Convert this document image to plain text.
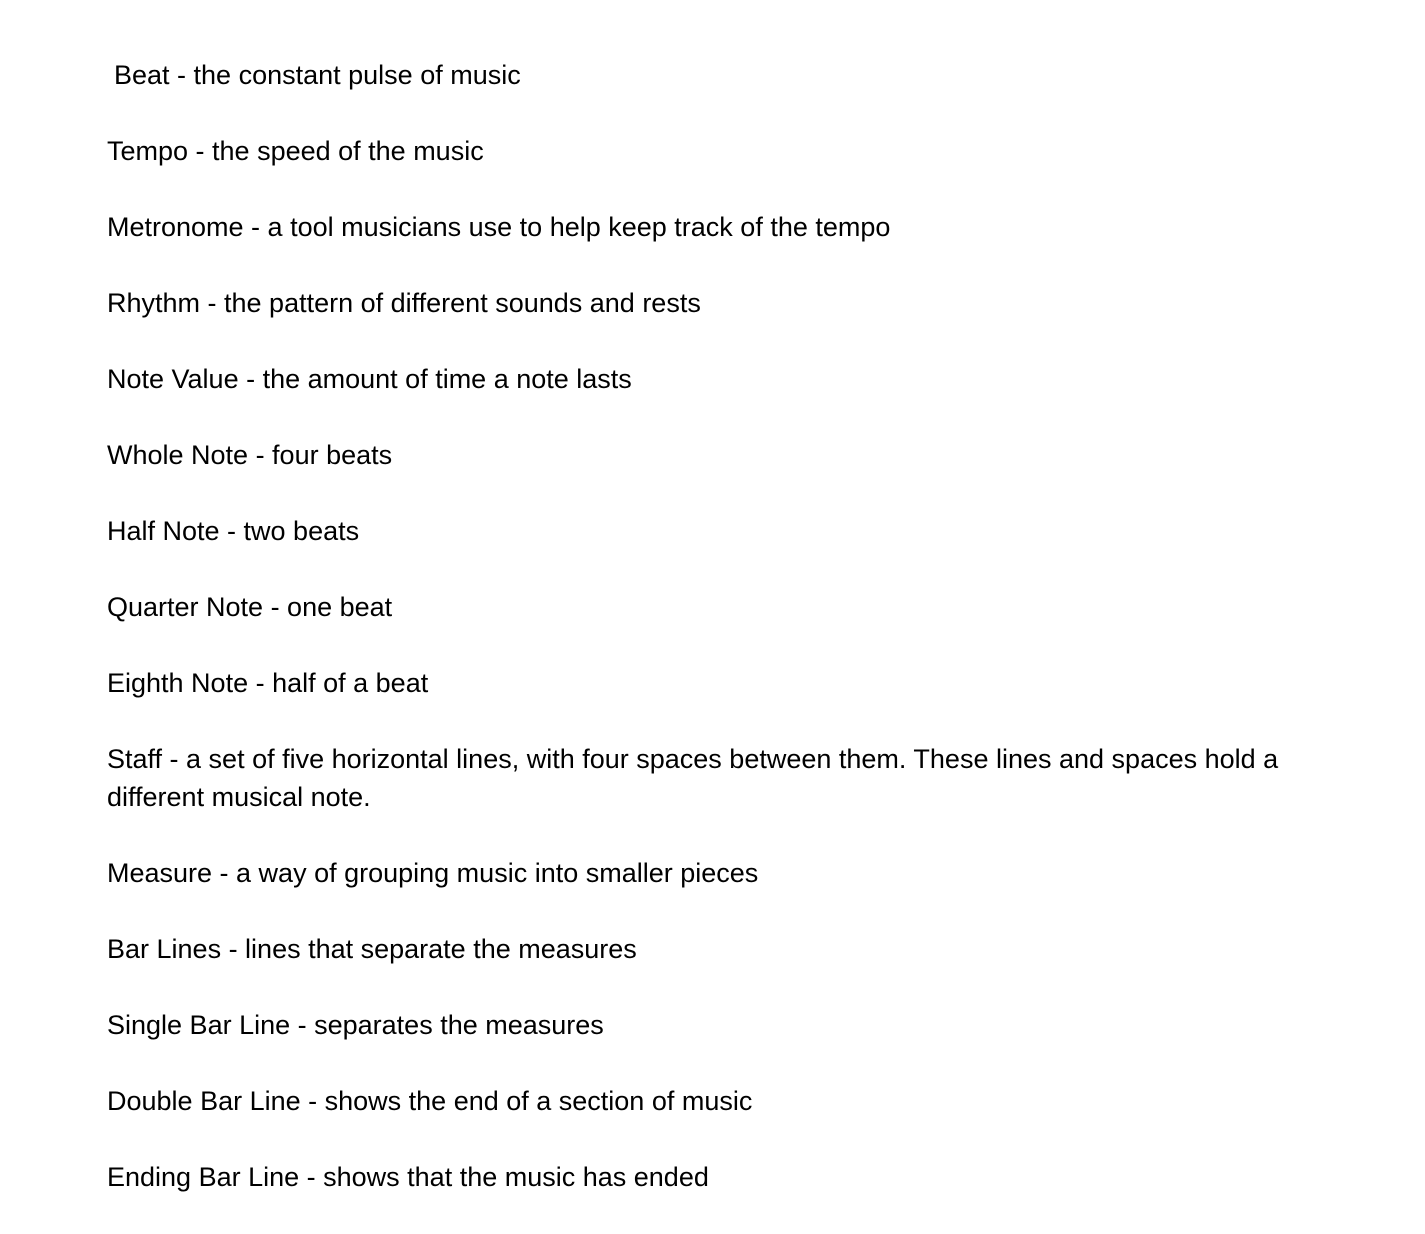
Beat - the constant pulse of music

Tempo - the speed of the music

Metronome - a tool musicians use to help keep track of the tempo

Rhythm - the pattern of different sounds and rests

Note Value - the amount of time a note lasts

Whole Note - four beats

Half Note - two beats

Quarter Note - one beat

Eighth Note - half of a beat

Staff - a set of five horizontal lines, with four spaces between them. These lines and spaces hold a different musical note.

Measure - a way of grouping music into smaller pieces

Bar Lines - lines that separate the measures

Single Bar Line - separates the measures

Double Bar Line - shows the end of a section of music

Ending Bar Line - shows that the music has ended
